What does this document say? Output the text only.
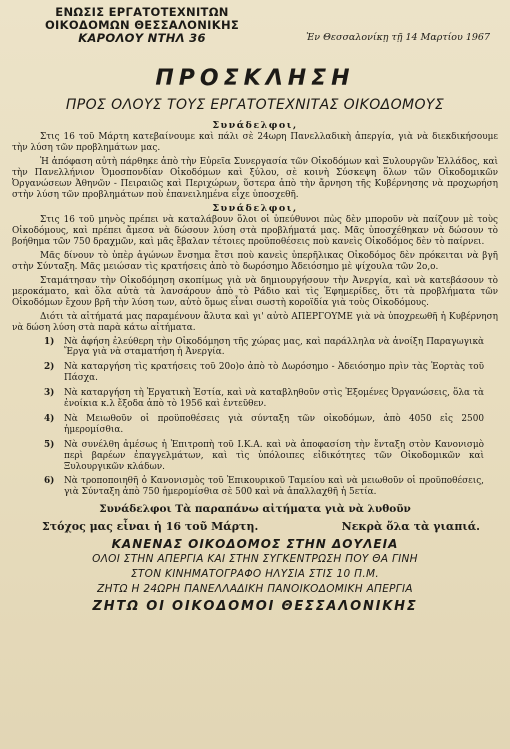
ΕΝΩΣΙΣ ΕΡΓΑΤΟΤΕΧΝΙΤΩΝ
ΟΙΚΟΔΟΜΩΝ ΘΕΣΣΑΛΟΝΙΚΗΣ
ΚΑΡΟΛΟΥ ΝΤΗΛ 36	Ἐν Θεσσαλονίκῃ τῇ 14 Μαρτίου 1967
ΠΡΟΣΚΛΗΣΗ
ΠΡΟΣ ΟΛΟΥΣ ΤΟΥΣ ΕΡΓΑΤΟΤΕΧΝΙΤΑΣ ΟΙΚΟΔΟΜΟΥΣ
Συνάδελφοι,

Στις 16 τοῦ Μάρτη κατεβαίνουμε καὶ πάλι σὲ 24ωρη Πανελλαδικὴ ἀπεργία, γιὰ νὰ διεκδικήσουμε τὴν λύση τῶν προβλημάτων μας.

Ἡ ἀπόφαση αὐτὴ πάρθηκε ἀπὸ τὴν Εὐρεῖα Συνεργασία τῶν Οἰκοδόμων καὶ Ξυλουργῶν Ἑλλάδος, καὶ τὴν Πανελλήνιον Ὁμοσπονδίαν Οἰκοδόμων καὶ ξύλου, σὲ κοινὴ Σύσκεψη ὅλων τῶν Οἰκοδομικῶν Ὀργανώσεων Ἀθηνῶν - Πειραιῶς καὶ Περιχώρων, ὕστερα ἀπὸ τὴν ἄρνηση τῆς Κυβέρνησης νὰ προχωρήση στὴν λύση τῶν προβλημάτων ποὺ ἐπανειλημένα εἶχε ὑποσχεθῆ.

Συνάδελφοι,

Στις 16 τοῦ μηνὸς πρέπει νὰ καταλάβουν ὅλοι οἱ ὑπεύθυνοι πὼς δὲν μποροῦν νὰ παίζουν μὲ τοὺς Οἰκοδόμους, καὶ πρέπει ἄμεσα νὰ δώσουν λύση στὰ προβλήματά μας. Μᾶς ὑποσχέθηκαν νὰ δώσουν τὸ βοήθημα τῶν 750 δραχμῶν, καὶ μᾶς ἔβαλαν τέτοιες προϋποθέσεις ποὺ κανεὶς Οἰκοδόμος δὲν τὸ παίρνει.

Μᾶς δίνουν τὸ ὑπὲρ ἀγώνων ἔνσημα ἔτσι ποὺ κανεὶς ὑπερῆλικας Οἰκοδόμος δὲν πρόκειται νὰ βγῆ στὴν Σύνταξη. Μᾶς μειώσαν τὶς κρατήσεις ἀπὸ τὸ δωρόσημο Ἀδειόσημο μὲ ψίχουλα τῶν 2ο,ο.

Σταμάτησαν τὴν Οἰκοδόμηση σκοπίμως γιὰ νὰ δημιουργήσουν τὴν Ἀνεργία, καὶ νὰ κατεβάσουν τὸ μεροκάματο, καὶ ὅλα αὐτὰ τὰ λανσάρουν ἀπὸ τὸ Ράδιο καὶ τὶς Ἐφημερίδες, ὅτι τὰ προβλήματα τῶν Οἰκοδόμων ἔχουν βρῆ τὴν λύση των, αὐτὸ ὅμως εἶναι σωστὴ κοροϊδία γιὰ τοὺς Οἰκοδόμους.

Διότι τὰ αἰτήματά μας παραμένουν ἄλυτα καὶ γι' αὐτὸ ΑΠΕΡΓΟΥΜΕ γιὰ νὰ ὑποχρεωθῆ ἡ Κυβέρνηση νὰ δώση λύση στὰ παρὰ κάτω αἰτήματα.

1) Νὰ ἀφήση ἐλεύθερη τὴν Οἰκοδόμηση τῆς χώρας μας, καὶ παράλληλα νὰ ἀνοίξη Παραγωγικὰ Ἔργα γιὰ νὰ σταματήση ἡ Ἀνεργία.
2) Νὰ καταργήση τὶς κρατήσεις τοῦ 20ο)ο ἀπὸ τὸ Δωρόσημο - Ἀδειόσημο πρὶν τὰς Ἑορτὰς τοῦ Πάσχα.
3) Νὰ καταργήση τὴ Ἐργατικὴ Ἑστία, καὶ νὰ καταβληθοῦν στὶς Ἐξομένες Ὀργανώσεις, ὅλα τὰ ἐνοίκια κ.λ ἔξοδα ἀπὸ τὸ 1956 καὶ ἐντεῦθεν.
4) Νὰ Μειωθοῦν οἱ προϋποθέσεις γιὰ σύνταξη τῶν οἰκοδόμων, ἀπὸ 4050 εἰς 2500 ἡμερομίσθια.
5) Νὰ συνέλθη ἀμέσως ἡ Ἐπιτροπὴ τοῦ Ι.Κ.Α. καὶ νὰ ἀποφασίση τὴν ἔνταξη στὸν Κανονισμὸ περὶ βαρέων ἐπαγγελμάτων, καὶ τὶς ὑπόλοιπες εἰδικότητες τῶν Οἰκοδομικῶν καὶ Ξυλουργικῶν κλάδων.
6) Νὰ τροποποιηθῆ ὁ Κανονισμὸς τοῦ Ἐπικουρικοῦ Ταμείου καὶ νὰ μειωθοῦν οἱ προϋποθέσεις, γιὰ Σύνταξη ἀπὸ 750 ἡμερομίσθια σὲ 500 καὶ νὰ ἀπαλλαχθῆ ἡ 5ετία.
Συνάδελφοι Τὰ παραπάνω αἰτήματα γιὰ νὰ λυθοῦν
Στόχος μας εἶναι ἡ 16 τοῦ Μάρτη.	Νεκρὰ ὅλα τὰ γιαπιά.
ΚΑΝΕΝΑΣ ΟΙΚΟΔΟΜΟΣ ΣΤΗΝ ΔΟΥΛΕΙΑ
ΟΛΟΙ ΣΤΗΝ ΑΠΕΡΓΙΑ ΚΑΙ ΣΤΗΝ ΣΥΓΚΕΝΤΡΩΣΗ ΠΟΥ ΘΑ ΓΙΝΗ
ΣΤΟΝ ΚΙΝΗΜΑΤΟΓΡΑΦΟ ΗΛΥΣΙΑ ΣΤΙΣ 10 Π.Μ.
ΖΗΤΩ Η 24ΩΡΗ ΠΑΝΕΛΛΑΔΙΚΗ ΠΑΝΟΙΚΟΔΟΜΙΚΗ ΑΠΕΡΓΙΑ
ΖΗΤΩ ΟΙ ΟΙΚΟΔΟΜΟΙ ΘΕΣΣΑΛΟΝΙΚΗΣ
